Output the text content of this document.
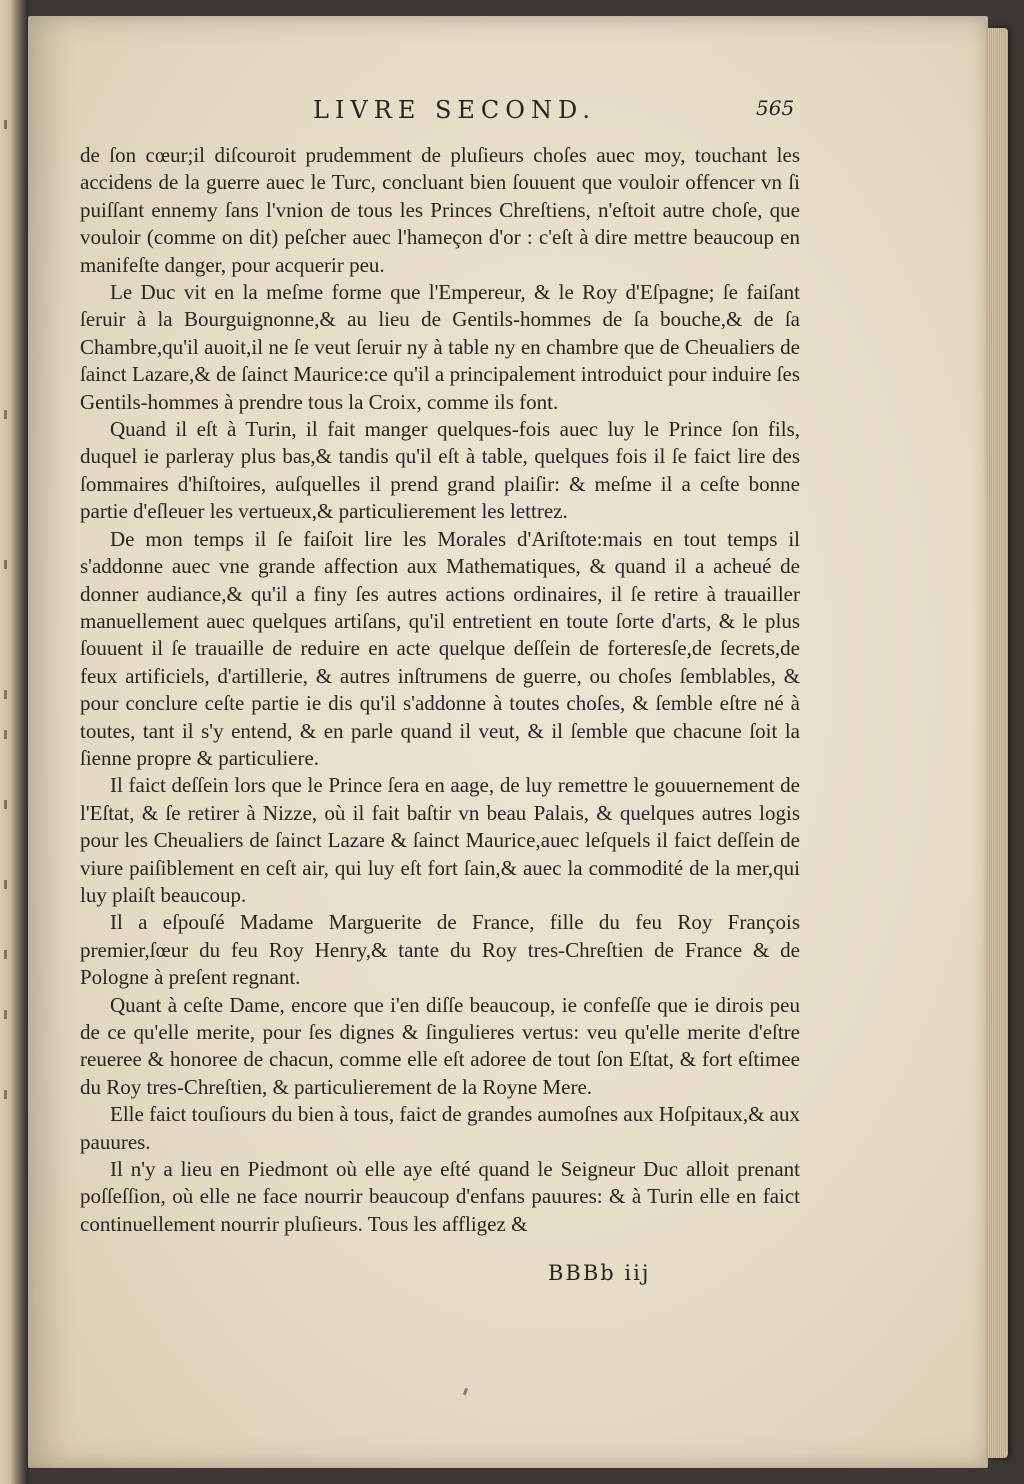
LIVRE SECOND.	565

de ſon cœur;il diſcouroit prudemment de pluſieurs choſes auec moy, touchant les accidens de la guerre auec le Turc, concluant bien ſouuent que vouloir offencer vn ſi puiſſant ennemy ſans l'vnion de tous les Princes Chreſtiens, n'eſtoit autre choſe, que vouloir (comme on dit) peſcher auec l'hameçon d'or : c'eſt à dire mettre beaucoup en manifeſte danger, pour acquerir peu.

Le Duc vit en la meſme forme que l'Empereur, & le Roy d'Eſpagne; ſe faiſant ſeruir à la Bourguignonne,& au lieu de Gentils-hommes de ſa bouche,& de ſa Chambre,qu'il auoit,il ne ſe veut ſeruir ny à table ny en chambre que de Cheualiers de ſainct Lazare,& de ſainct Maurice:ce qu'il a principalement introduict pour induire ſes Gentils-hommes à prendre tous la Croix, comme ils font.

Quand il eſt à Turin, il fait manger quelques-fois auec luy le Prince ſon fils, duquel ie parleray plus bas,& tandis qu'il eſt à table, quelques fois il ſe faict lire des ſommaires d'hiſtoires, auſquelles il prend grand plaiſir: & meſme il a ceſte bonne partie d'eſleuer les vertueux,& particulierement les lettrez.

De mon temps il ſe faiſoit lire les Morales d'Ariſtote:mais en tout temps il s'addonne auec vne grande affection aux Mathematiques, & quand il a acheué de donner audiance,& qu'il a finy ſes autres actions ordinaires, il ſe retire à trauailler manuellement auec quelques artiſans, qu'il entretient en toute ſorte d'arts, & le plus ſouuent il ſe trauaille de reduire en acte quelque deſſein de forteresſe,de ſecrets,de feux artificiels, d'artillerie, & autres inſtrumens de guerre, ou choſes ſemblables, & pour conclure ceſte partie ie dis qu'il s'addonne à toutes choſes, & ſemble eſtre né à toutes, tant il s'y entend, & en parle quand il veut, & il ſemble que chacune ſoit la ſienne propre & particuliere.

Il faict deſſein lors que le Prince ſera en aage, de luy remettre le gouuernement de l'Eſtat, & ſe retirer à Nizze, où il fait baſtir vn beau Palais, & quelques autres logis pour les Cheualiers de ſainct Lazare & ſainct Maurice,auec leſquels il faict deſſein de viure paiſiblement en ceſt air, qui luy eſt fort ſain,& auec la commodité de la mer,qui luy plaiſt beaucoup.

Il a eſpouſé Madame Marguerite de France, fille du feu Roy François premier,ſœur du feu Roy Henry,& tante du Roy tres-Chreſtien de France & de Pologne à preſent regnant.

Quant à ceſte Dame, encore que i'en diſſe beaucoup, ie confeſſe que ie dirois peu de ce qu'elle merite, pour ſes dignes & ſingulieres vertus: veu qu'elle merite d'eſtre reueree & honoree de chacun, comme elle eſt adoree de tout ſon Eſtat, & fort eſtimee du Roy tres-Chreſtien, & particulierement de la Royne Mere.

Elle faict touſiours du bien à tous, faict de grandes aumoſnes aux Hoſpitaux,& aux pauures.

Il n'y a lieu en Piedmont où elle aye eſté quand le Seigneur Duc alloit prenant poſſeſſion, où elle ne face nourrir beaucoup d'enfans pauures: & à Turin elle en faict continuellement nourrir pluſieurs. Tous les affligez &

BBBb iij
